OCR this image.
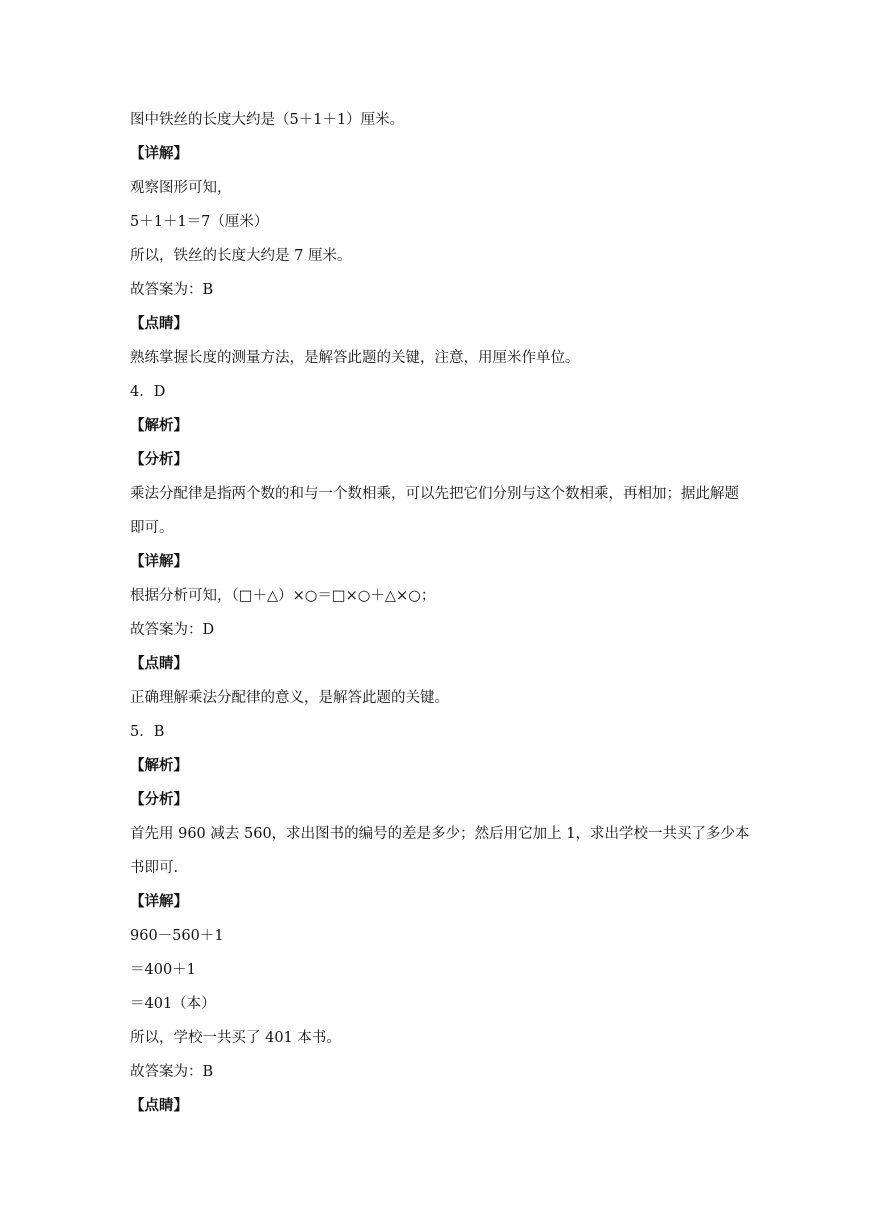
图中铁丝的长度大约是（5＋1＋1）厘米。

【详解】

观察图形可知，

5＋1＋1＝7（厘米）

所以，铁丝的长度大约是 7 厘米。

故答案为：B

【点睛】

熟练掌握长度的测量方法，是解答此题的关键，注意，用厘米作单位。

4．D

【解析】

【分析】

乘法分配律是指两个数的和与一个数相乘，可以先把它们分别与这个数相乘，再相加；据此解题即可。

【详解】

根据分析可知，（□＋△）×○＝□×○＋△×○；

故答案为：D

【点睛】

正确理解乘法分配律的意义，是解答此题的关键。

5．B

【解析】

【分析】

首先用 960 减去 560，求出图书的编号的差是多少；然后用它加上 1，求出学校一共买了多少本书即可.

【详解】

960－560＋1

＝400＋1

＝401（本）

所以，学校一共买了 401 本书。

故答案为：B

【点睛】
